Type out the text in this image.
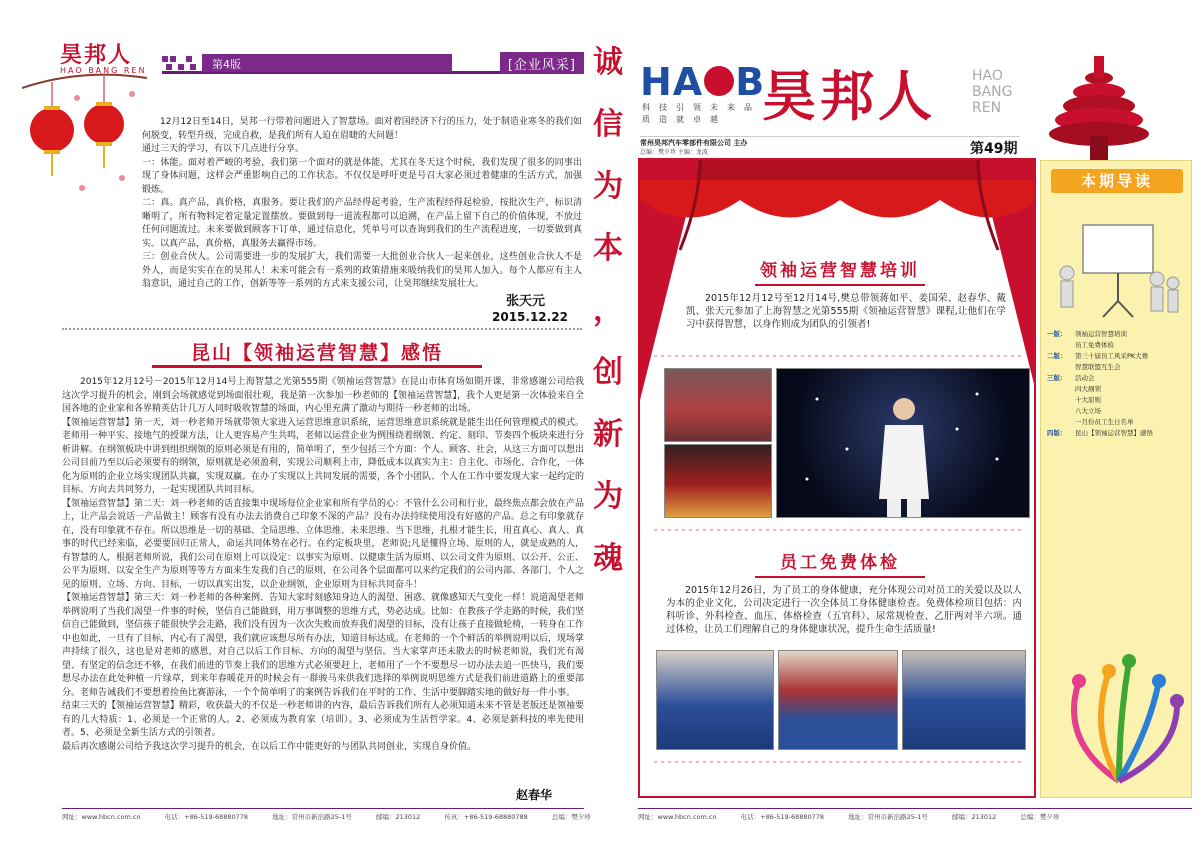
昊邦人
HAO BANG REN	第4版	[企业风采]

12月12日至14日，昊邦一行带着问题进入了智慧场。面对着国经济下行的压力，处于制造业寒冬的我们如何脱变，转型升级，完成自救，是我们所有人迫在眉睫的大问题！

通过三天的学习，有以下几点进行分享。

一：体能。面对着严峻的考验，我们第一个面对的就是体能，尤其在冬天这个时候，我们发现了很多的同事出现了身体问题，这样会严重影响自己的工作状态。不仅仅是呼吁更是号召大家必须过着健康的生活方式，加强锻炼。

二：真。真产品，真价格，真服务。要让我们的产品经得起考验，生产流程经得起检验，按批次生产，标识清晰明了，所有物料定着定量定置摆放。要做到每一道流程都可以追溯，在产品上留下自己的价值体现，不放过任何问题流过。未来要做到顾客下订单，通过信息化，凭单号可以查询到我们的生产流程进度，一切要做到真实。以真产品，真价格，真服务去赢得市场。

三：创业合伙人。公司需要进一步的发展扩大，我们需要一大批创业合伙人一起来创业，这些创业合伙人不是外人，而是实实在在的昊邦人！未来可能会有一系列的政策措施来吸纳我们的昊邦人加入。每个人都应有主人翁意识，通过自己的工作，创新等等一系列的方式来支援公司，让昊邦继续发展壮大。

张天元
2015.12.22
昆山【领袖运营智慧】感悟

2015年12月12号－2015年12月14号上海智慧之光第555期《领袖运营智慧》在昆山市体育场如期开课，非常感谢公司给我这次学习提升的机会，刚到会场就感觉到场面很壮观，我是第一次参加一秒老师的【领袖运营智慧】，我个人更是第一次体验来自全国各地的企业家和各界精英估计几万人同时吸收智慧的场面，内心里充满了激动与期待一秒老师的出场。

【领袖运营智慧】第一天，刘一秒老师开场就带领大家进入运营思维意识系统，运营思维意识系统就是能生出任何管理模式的模式。老师用一种平实、接地气的授课方法，让人更容易产生共鸣，老师以运营企业为例围绕着纲领、约定、刻印、节奏四个板块来进行分析讲解。在纲领板块中讲到组织纲领的原则必须是有用的，简单明了，至少包括三个方面：个人、顾客、社会，从这三方面可以想出公司目前乃至以后必须要有的纲领，原则就是必须盈利，实现公司顺利上市，降低成本以真实为主：自主化、市场化、合作化，一体化为原则的企业立场实现团队共赢，实现双赢。在办了实现以上共同发展的需要，各个小团队、个人在工作中要发现大家一起约定的目标、方向去共同努力，一起实现团队共同目标。

【领袖运营智慧】第二天：刘一秒老师的话直接集中现场每位企业家和所有学员的心：不管什么公司和行业，最终焦点都会放在产品上，让产品会说话一产品做主！顾客有没有办法去消费自己印象不深的产品？没有办法持续使用没有好感的产品。总之有印象就存在，没有印象就不存在。所以思维是一切的基础、全局思维、立体思维、未来思维、当下思维，扎根才能生长，用直真心、真人、真事的时代已经来临，必要要回归正常人，命运共同体势在必行。在约定板块里，老师说;凡是懂得立场、原则的人，就是成熟的人，有智慧的人，根据老师所说，我们公司在原则上可以设定：以事实为原则、以健康生活为原则、以公司文件为原则、以公开、公正、公平为原则、以安全生产为原则等等方方面来生发我们自己的原则，在公司各个层面都可以来约定我们的公司内部、各部门、个人之见的原则、立场、方向、目标，一切以真实出发，以企业纲领，企业原则为目标共同奋斗！

【领袖运营智慧】第三天：刘一秒老师的各种案例、告知大家时刻感知身边人的渴望、困惑、就像感知天气变化一样！说道渴望老师举例说明了当我们渴望一件事的时候，坚信自己能做到，用万事调整的思维方式，势必达成。比如：在教孩子学走路的时候，我们坚信自己能做到，坚信孩子能很快学会走路，我们没有因为一次次失败而放弃我们渴望的目标，没有让孩子直接做轮椅，一转身在工作中也如此，一旦有了目标，内心有了渴望，我们就应该想尽所有办法，知道目标达成。在老师的一个个鲜活的举例说明以后，现场掌声持续了很久，这也是对老师的感恩，对自己以后工作目标、方向的渴望与坚信。当大家掌声还未散去的时候老师说，我们光有渴望、有坚定的信念还不够，在我们前进的节奏上我们的思维方式必须要赶上，老师用了一个不要想尽一切办法去追一匹快马，我们要想尽办法在此处种植一片绿草，到来年春暖花开的时候会有一群骏马来供我们选择的举例说明思维方式是我们前进道路上的重要部分。老师告诫我们不要想着捡鱼比赛游泳，一个个简单明了的案例告诉我们在平时的工作、生活中要脚踏实地的做好每一件小事。

结束三天的【领袖运营智慧】精彩，收获最大的不仅是一秒老师讲的内容，最后告诉我们所有人必须知道未来不管是老版还是领袖要有的几大特质：1、必须是一个正常的人。2、必须成为教育家（培训）。3、必须成为生活哲学家。4、必须是新科技的率先使用者。5、必须是全新生活方式的引领者。

最后再次感谢公司给予我这次学习提升的机会，在以后工作中能更好的与团队共同创业，实现自身价值。

赵春华
网址：www.hbcn.com.cn	电话：+86-519-68880778	地址：常州市新治路25-1号	邮编：213012	传真：+86-519-68880788	总编：樊夕珍
诚
信
为
本
，
创
新
为
魂
HA B
科技引领未来品质造就卓越 昊邦人	HAO
BANG
REN
常州昊邦汽车零部件有限公司 主办
总编：樊夕珍 主编：龙波	第49期
领袖运营智慧培训

2015年12月12号至12月14号,樊总带领蒋如平、姜国荣、赵春华、戴凯、张天元参加了上海智慧之光第555期《领袖运营智慧》课程,让他们在学习中获得智慧，以身作则成为团队的引领者!

员工免费体检

2015年12月26日，为了员工的身体健康，充分体现公司对员工的关爱以及以人为本的企业文化，公司决定进行一次全体员工身体健康检查。免费体检项目包括：内科听诊、外科检查、血压、体格检查（五官科）、尿常规检查、乙肝两对半六项。通过体检，让员工们理解自己的身体健康状况，提升生命生活质量!

本期导读
一版：	领袖运营智慧培训
员工免费体检
二版：	第三十届员工风采PK大赛
智慧联盟互生会
三版：	活动会
四大纲领
十大原则
八大立场
一月份员工生日名单
四版：	昆山【领袖运营智慧】感悟
网址：www.hbcn.com.cn	电话：+86-519-68880778	地址：常州市新治路25-1号	邮编：213012	总编：樊夕珍
